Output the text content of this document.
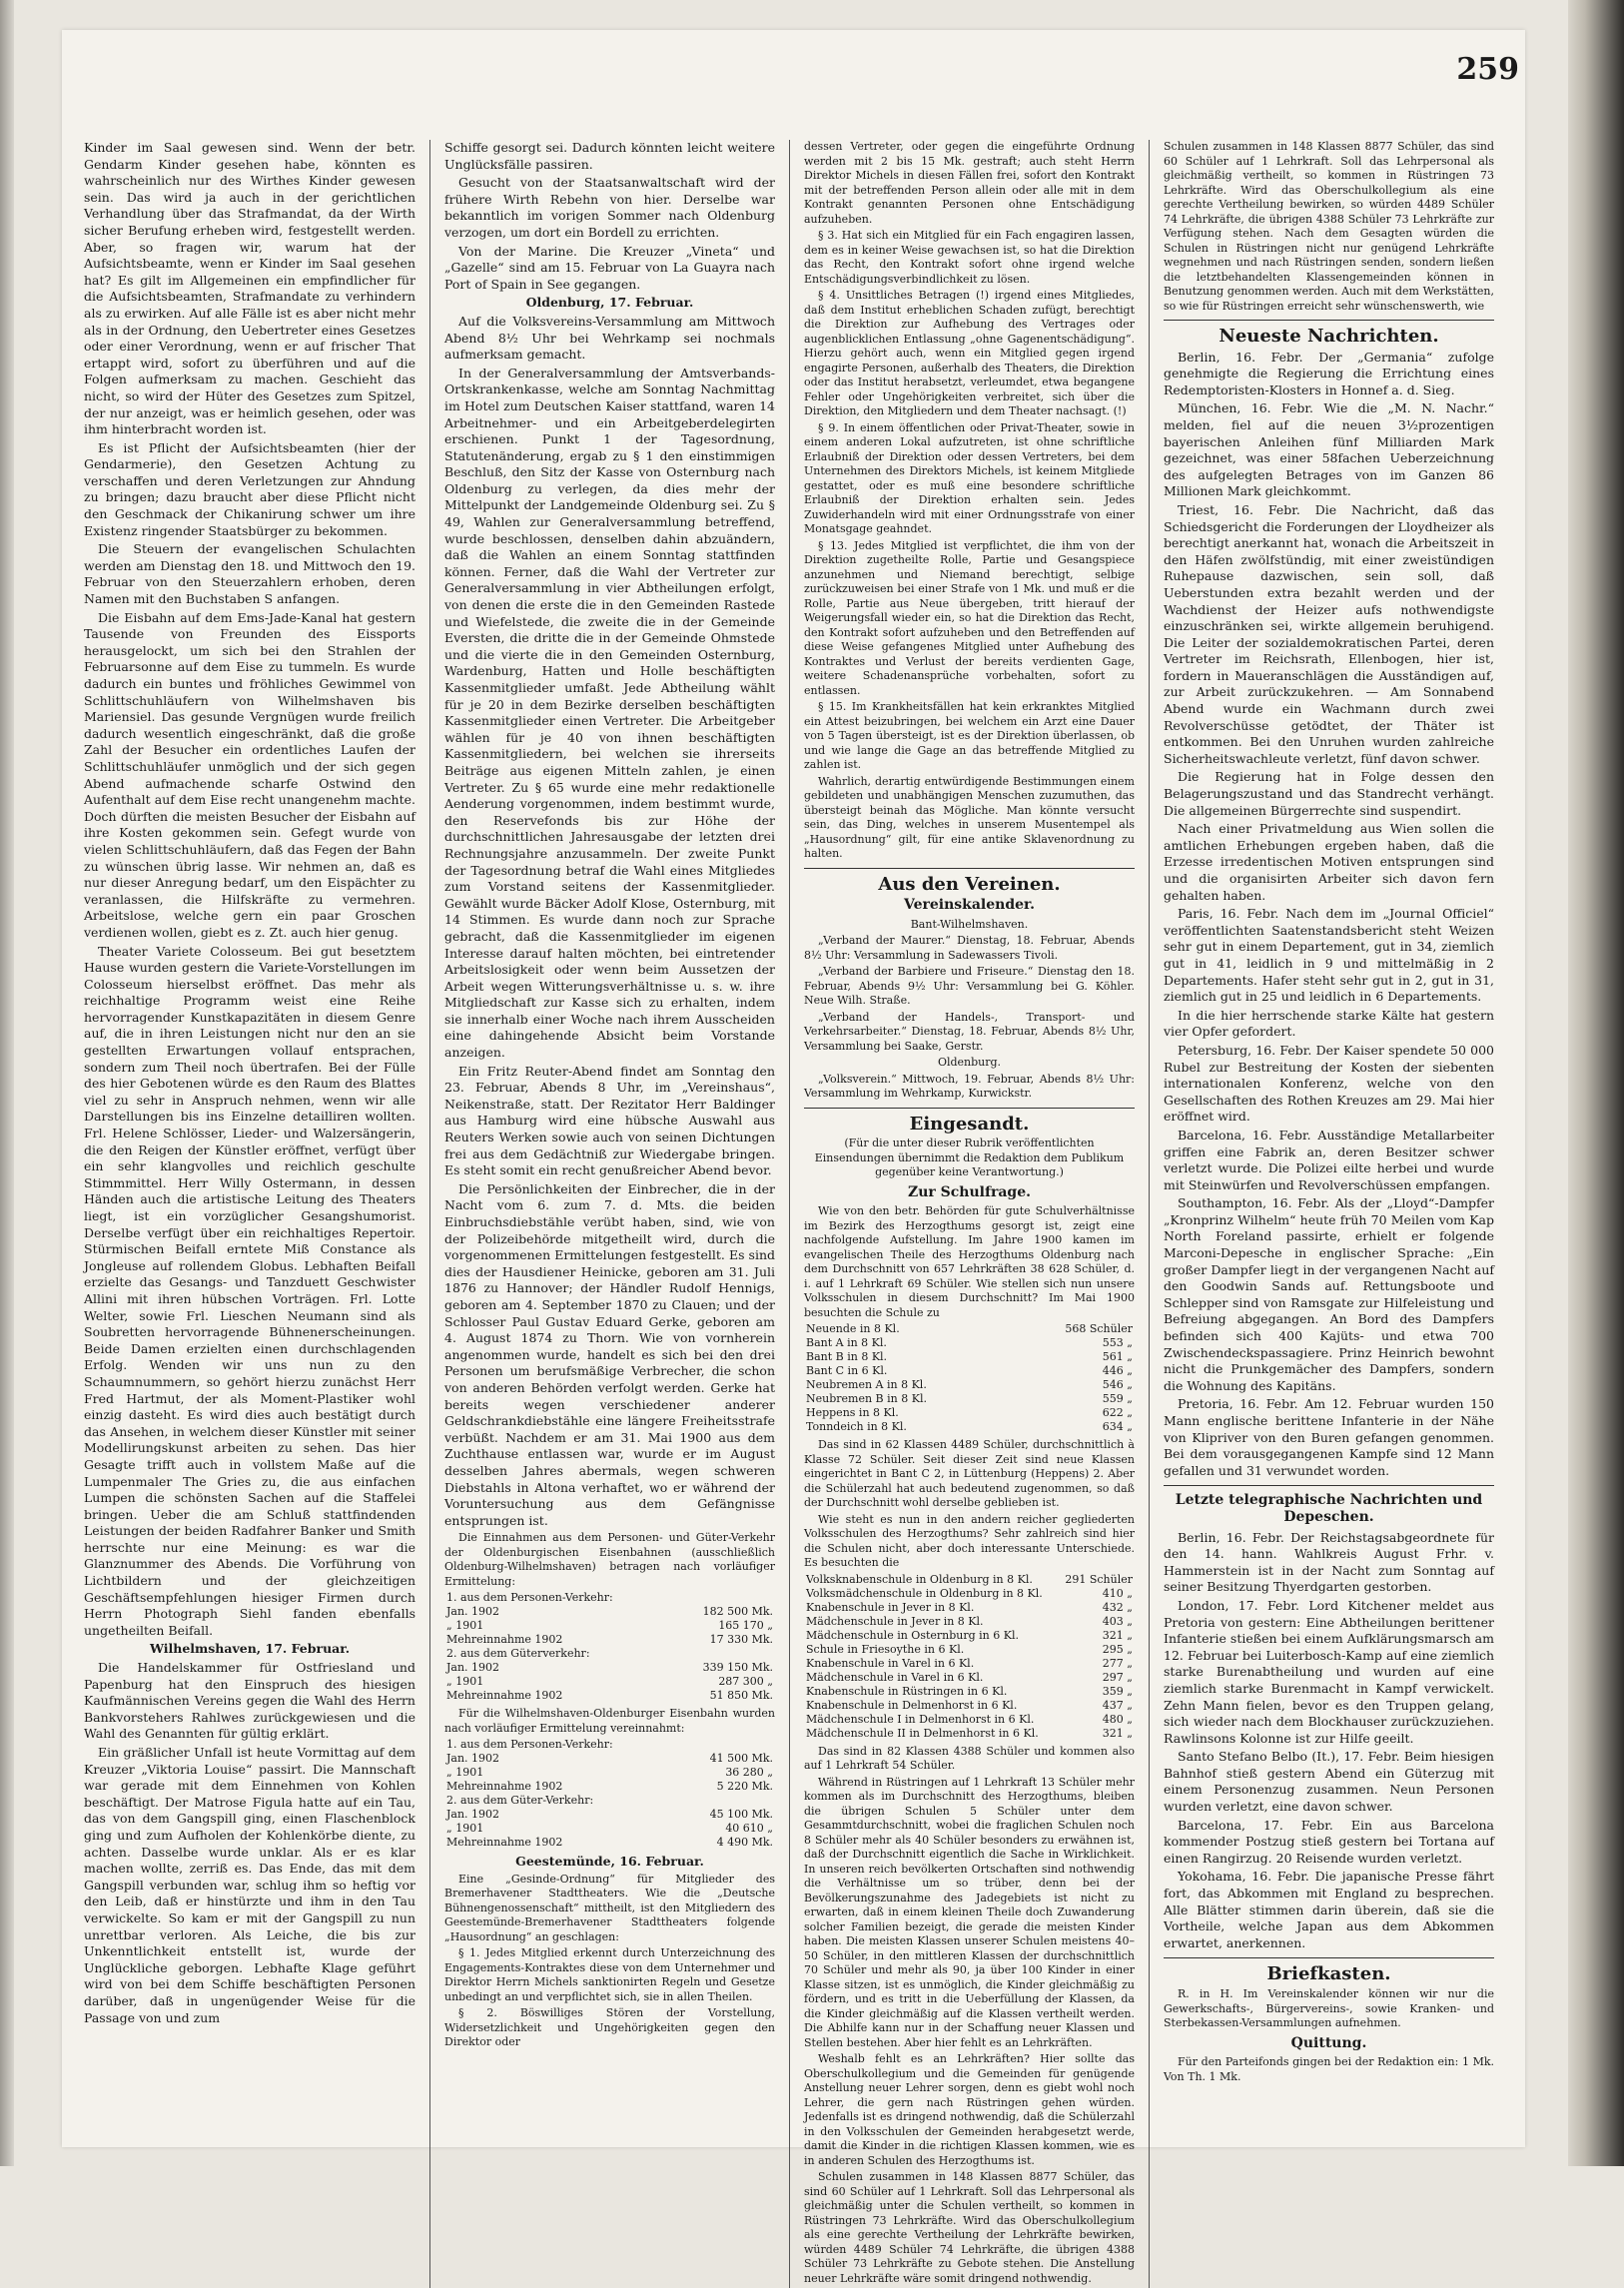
259

Kinder im Saal gewesen sind. Wenn der betr. Gendarm Kinder gesehen habe, könnten es wahrscheinlich nur des Wirthes Kinder gewesen sein. Das wird ja auch in der gerichtlichen Verhandlung über das Strafmandat, da der Wirth sicher Berufung erheben wird, festgestellt werden. Aber, so fragen wir, warum hat der Aufsichtsbeamte, wenn er Kinder im Saal gesehen hat? Es gilt im Allgemeinen ein empfindlicher für die Aufsichtsbeamten, Strafmandate zu verhindern als zu erwirken. Auf alle Fälle ist es aber nicht mehr als in der Ordnung, den Uebertreter eines Gesetzes oder einer Verordnung, wenn er auf frischer That ertappt wird, sofort zu überführen und auf die Folgen aufmerksam zu machen. Geschieht das nicht, so wird der Hüter des Gesetzes zum Spitzel, der nur anzeigt, was er heimlich gesehen, oder was ihm hinterbracht worden ist.

Es ist Pflicht der Aufsichtsbeamten (hier der Gendarmerie), den Gesetzen Achtung zu verschaffen und deren Verletzungen zur Ahndung zu bringen; dazu braucht aber diese Pflicht nicht den Geschmack der Chikanirung schwer um ihre Existenz ringender Staatsbürger zu bekommen.

Die Steuern der evangelischen Schulachten werden am Dienstag den 18. und Mittwoch den 19. Februar von den Steuerzahlern erhoben, deren Namen mit den Buchstaben S anfangen.

Die Eisbahn auf dem Ems-Jade-Kanal hat gestern Tausende von Freunden des Eissports herausgelockt, um sich bei den Strahlen der Februarsonne auf dem Eise zu tummeln. Es wurde dadurch ein buntes und fröhliches Gewimmel von Schlittschuhläufern von Wilhelmshaven bis Mariensiel. Das gesunde Vergnügen wurde freilich dadurch wesentlich eingeschränkt, daß die große Zahl der Besucher ein ordentliches Laufen der Schlittschuhläufer unmöglich und der sich gegen Abend aufmachende scharfe Ostwind den Aufenthalt auf dem Eise recht unangenehm machte. Doch dürften die meisten Besucher der Eisbahn auf ihre Kosten gekommen sein. Gefegt wurde von vielen Schlittschuhläufern, daß das Fegen der Bahn zu wünschen übrig lasse. Wir nehmen an, daß es nur dieser Anregung bedarf, um den Eispächter zu veranlassen, die Hilfskräfte zu vermehren. Arbeitslose, welche gern ein paar Groschen verdienen wollen, giebt es z. Zt. auch hier genug.

Theater Variete Colosseum. Bei gut besetztem Hause wurden gestern die Variete-Vorstellungen im Colosseum hierselbst eröffnet. Das mehr als reichhaltige Programm weist eine Reihe hervorragender Kunstkapazitäten in diesem Genre auf, die in ihren Leistungen nicht nur den an sie gestellten Erwartungen vollauf entsprachen, sondern zum Theil noch übertrafen. Bei der Fülle des hier Gebotenen würde es den Raum des Blattes viel zu sehr in Anspruch nehmen, wenn wir alle Darstellungen bis ins Einzelne detailliren wollten. Frl. Helene Schlösser, Lieder- und Walzersängerin, die den Reigen der Künstler eröffnet, verfügt über ein sehr klangvolles und reichlich geschulte Stimmmittel. Herr Willy Ostermann, in dessen Händen auch die artistische Leitung des Theaters liegt, ist ein vorzüglicher Gesangshumorist. Derselbe verfügt über ein reichhaltiges Repertoir. Stürmischen Beifall erntete Miß Constance als Jongleuse auf rollendem Globus. Lebhaften Beifall erzielte das Gesangs- und Tanzduett Geschwister Allini mit ihren hübschen Vorträgen. Frl. Lotte Welter, sowie Frl. Lieschen Neumann sind als Soubretten hervorragende Bühnenerscheinungen. Beide Damen erzielten einen durchschlagenden Erfolg. Wenden wir uns nun zu den Schaumnummern, so gehört hierzu zunächst Herr Fred Hartmut, der als Moment-Plastiker wohl einzig dasteht. Es wird dies auch bestätigt durch das Ansehen, in welchem dieser Künstler mit seiner Modellirungskunst arbeiten zu sehen. Das hier Gesagte trifft auch in vollstem Maße auf die Lumpenmaler The Gries zu, die aus einfachen Lumpen die schönsten Sachen auf die Staffelei bringen. Ueber die am Schluß stattfindenden Leistungen der beiden Radfahrer Banker und Smith herrschte nur eine Meinung: es war die Glanznummer des Abends. Die Vorführung von Lichtbildern und der gleichzeitigen Geschäftsempfehlungen hiesiger Firmen durch Herrn Photograph Siehl fanden ebenfalls ungetheilten Beifall.

Wilhelmshaven, 17. Februar.

Die Handelskammer für Ostfriesland und Papenburg hat den Einspruch des hiesigen Kaufmännischen Vereins gegen die Wahl des Herrn Bankvorstehers Rahlwes zurückgewiesen und die Wahl des Genannten für gültig erklärt.

Ein gräßlicher Unfall ist heute Vormittag auf dem Kreuzer „Viktoria Louise“ passirt. Die Mannschaft war gerade mit dem Einnehmen von Kohlen beschäftigt. Der Matrose Figula hatte auf ein Tau, das von dem Gangspill ging, einen Flaschenblock ging und zum Aufholen der Kohlenkörbe diente, zu achten. Dasselbe wurde unklar. Als er es klar machen wollte, zerriß es. Das Ende, das mit dem Gangspill verbunden war, schlug ihm so heftig vor den Leib, daß er hinstürzte und ihm in den Tau verwickelte. So kam er mit der Gangspill zu nun unrettbar verloren. Als Leiche, die bis zur Unkenntlichkeit entstellt ist, wurde der Unglückliche geborgen. Lebhafte Klage geführt wird von bei dem Schiffe beschäftigten Personen darüber, daß in ungenügender Weise für die Passage von und zum

Schiffe gesorgt sei. Dadurch könnten leicht weitere Unglücksfälle passiren.

Gesucht von der Staatsanwaltschaft wird der frühere Wirth Rebehn von hier. Derselbe war bekanntlich im vorigen Sommer nach Oldenburg verzogen, um dort ein Bordell zu errichten.

Von der Marine. Die Kreuzer „Vineta“ und „Gazelle“ sind am 15. Februar von La Guayra nach Port of Spain in See gegangen.

Oldenburg, 17. Februar.

Auf die Volksvereins-Versammlung am Mittwoch Abend 8½ Uhr bei Wehrkamp sei nochmals aufmerksam gemacht.

In der Generalversammlung der Amtsverbands-Ortskrankenkasse, welche am Sonntag Nachmittag im Hotel zum Deutschen Kaiser stattfand, waren 14 Arbeitnehmer- und ein Arbeitgeberdelegirten erschienen. Punkt 1 der Tagesordnung, Statutenänderung, ergab zu § 1 den einstimmigen Beschluß, den Sitz der Kasse von Osternburg nach Oldenburg zu verlegen, da dies mehr der Mittelpunkt der Landgemeinde Oldenburg sei. Zu § 49, Wahlen zur Generalversammlung betreffend, wurde beschlossen, denselben dahin abzuändern, daß die Wahlen an einem Sonntag stattfinden können. Ferner, daß die Wahl der Vertreter zur Generalversammlung in vier Abtheilungen erfolgt, von denen die erste die in den Gemeinden Rastede und Wiefelstede, die zweite die in der Gemeinde Eversten, die dritte die in der Gemeinde Ohmstede und die vierte die in den Gemeinden Osternburg, Wardenburg, Hatten und Holle beschäftigten Kassenmitglieder umfaßt. Jede Abtheilung wählt für je 20 in dem Bezirke derselben beschäftigten Kassenmitglieder einen Vertreter. Die Arbeitgeber wählen für je 40 von ihnen beschäftigten Kassenmitgliedern, bei welchen sie ihrerseits Beiträge aus eigenen Mitteln zahlen, je einen Vertreter. Zu § 65 wurde eine mehr redaktionelle Aenderung vorgenommen, indem bestimmt wurde, den Reservefonds bis zur Höhe der durchschnittlichen Jahresausgabe der letzten drei Rechnungsjahre anzusammeln. Der zweite Punkt der Tagesordnung betraf die Wahl eines Mitgliedes zum Vorstand seitens der Kassenmitglieder. Gewählt wurde Bäcker Adolf Klose, Osternburg, mit 14 Stimmen. Es wurde dann noch zur Sprache gebracht, daß die Kassenmitglieder im eigenen Interesse darauf halten möchten, bei eintretender Arbeitslosigkeit oder wenn beim Aussetzen der Arbeit wegen Witterungsverhältnisse u. s. w. ihre Mitgliedschaft zur Kasse sich zu erhalten, indem sie innerhalb einer Woche nach ihrem Ausscheiden eine dahingehende Absicht beim Vorstande anzeigen.

Ein Fritz Reuter-Abend findet am Sonntag den 23. Februar, Abends 8 Uhr, im „Vereinshaus“, Neikenstraße, statt. Der Rezitator Herr Baldinger aus Hamburg wird eine hübsche Auswahl aus Reuters Werken sowie auch von seinen Dichtungen frei aus dem Gedächtniß zur Wiedergabe bringen. Es steht somit ein recht genußreicher Abend bevor.

Die Persönlichkeiten der Einbrecher, die in der Nacht vom 6. zum 7. d. Mts. die beiden Einbruchsdiebstähle verübt haben, sind, wie von der Polizeibehörde mitgetheilt wird, durch die vorgenommenen Ermittelungen festgestellt. Es sind dies der Hausdiener Heinicke, geboren am 31. Juli 1876 zu Hannover; der Händler Rudolf Hennigs, geboren am 4. September 1870 zu Clauen; und der Schlosser Paul Gustav Eduard Gerke, geboren am 4. August 1874 zu Thorn. Wie von vornherein angenommen wurde, handelt es sich bei den drei Personen um berufsmäßige Verbrecher, die schon von anderen Behörden verfolgt werden. Gerke hat bereits wegen verschiedener anderer Geldschrankdiebstähle eine längere Freiheitsstrafe verbüßt. Nachdem er am 31. Mai 1900 aus dem Zuchthause entlassen war, wurde er im August desselben Jahres abermals, wegen schweren Diebstahls in Altona verhaftet, wo er während der Voruntersuchung aus dem Gefängnisse entsprungen ist.

Die Einnahmen aus dem Personen- und Güter-Verkehr der Oldenburgischen Eisenbahnen (ausschließlich Oldenburg-Wilhelmshaven) betragen nach vorläufiger Ermittelung:

1. aus dem Personen-Verkehr:	
Jan. 1902	182 500 Mk.
„ 1901	165 170 „
Mehreinnahme 1902	17 330 Mk.
2. aus dem Güterverkehr:	
Jan. 1902	339 150 Mk.
„ 1901	287 300 „
Mehreinnahme 1902	51 850 Mk.

Für die Wilhelmshaven-Oldenburger Eisenbahn wurden nach vorläufiger Ermittelung vereinnahmt:

1. aus dem Personen-Verkehr:	
Jan. 1902	41 500 Mk.
„ 1901	36 280 „
Mehreinnahme 1902	5 220 Mk.
2. aus dem Güter-Verkehr:	
Jan. 1902	45 100 Mk.
„ 1901	40 610 „
Mehreinnahme 1902	4 490 Mk.

Geestemünde, 16. Februar.

Eine „Gesinde-Ordnung“ für Mitglieder des Bremerhavener Stadttheaters. Wie die „Deutsche Bühnengenossenschaft“ mittheilt, ist den Mitgliedern des Geestemünde-Bremerhavener Stadttheaters folgende „Hausordnung“ an geschlagen:

§ 1. Jedes Mitglied erkennt durch Unterzeichnung des Engagements-Kontraktes diese von dem Unternehmer und Direktor Herrn Michels sanktionirten Regeln und Gesetze unbedingt an und verpflichtet sich, sie in allen Theilen.

§ 2. Böswilliges Stören der Vorstellung, Widersetzlichkeit und Ungehörigkeiten gegen den Direktor oder

dessen Vertreter, oder gegen die eingeführte Ordnung werden mit 2 bis 15 Mk. gestraft; auch steht Herrn Direktor Michels in diesen Fällen frei, sofort den Kontrakt mit der betreffenden Person allein oder alle mit in dem Kontrakt genannten Personen ohne Entschädigung aufzuheben.

§ 3. Hat sich ein Mitglied für ein Fach engagiren lassen, dem es in keiner Weise gewachsen ist, so hat die Direktion das Recht, den Kontrakt sofort ohne irgend welche Entschädigungsverbindlichkeit zu lösen.

§ 4. Unsittliches Betragen (!) irgend eines Mitgliedes, daß dem Institut erheblichen Schaden zufügt, berechtigt die Direktion zur Aufhebung des Vertrages oder augenblicklichen Entlassung „ohne Gagenentschädigung“. Hierzu gehört auch, wenn ein Mitglied gegen irgend engagirte Personen, außerhalb des Theaters, die Direktion oder das Institut herabsetzt, verleumdet, etwa begangene Fehler oder Ungehörigkeiten verbreitet, sich über die Direktion, den Mitgliedern und dem Theater nachsagt. (!)

§ 9. In einem öffentlichen oder Privat-Theater, sowie in einem anderen Lokal aufzutreten, ist ohne schriftliche Erlaubniß der Direktion oder dessen Vertreters, bei dem Unternehmen des Direktors Michels, ist keinem Mitgliede gestattet, oder es muß eine besondere schriftliche Erlaubniß der Direktion erhalten sein. Jedes Zuwiderhandeln wird mit einer Ordnungsstrafe von einer Monatsgage geahndet.

§ 13. Jedes Mitglied ist verpflichtet, die ihm von der Direktion zugetheilte Rolle, Partie und Gesangspiece anzunehmen und Niemand berechtigt, selbige zurückzuweisen bei einer Strafe von 1 Mk. und muß er die Rolle, Partie aus Neue übergeben, tritt hierauf der Weigerungsfall wieder ein, so hat die Direktion das Recht, den Kontrakt sofort aufzuheben und den Betreffenden auf diese Weise gefangenes Mitglied unter Aufhebung des Kontraktes und Verlust der bereits verdienten Gage, weitere Schadenansprüche vorbehalten, sofort zu entlassen.

§ 15. Im Krankheitsfällen hat kein erkranktes Mitglied ein Attest beizubringen, bei welchem ein Arzt eine Dauer von 5 Tagen übersteigt, ist es der Direktion überlassen, ob und wie lange die Gage an das betreffende Mitglied zu zahlen ist.

Wahrlich, derartig entwürdigende Bestimmungen einem gebildeten und unabhängigen Menschen zuzumuthen, das übersteigt beinah das Mögliche. Man könnte versucht sein, das Ding, welches in unserem Musentempel als „Hausordnung“ gilt, für eine antike Sklavenordnung zu halten.

Aus den Vereinen.
Vereinskalender.

Bant-Wilhelmshaven.

„Verband der Maurer.“ Dienstag, 18. Februar, Abends 8½ Uhr: Versammlung in Sadewassers Tivoli.

„Verband der Barbiere und Friseure.“ Dienstag den 18. Februar, Abends 9½ Uhr: Versammlung bei G. Köhler. Neue Wilh. Straße.

„Verband der Handels-, Transport- und Verkehrsarbeiter.“ Dienstag, 18. Februar, Abends 8½ Uhr, Versammlung bei Saake, Gerstr.

Oldenburg.

„Volksverein.“ Mittwoch, 19. Februar, Abends 8½ Uhr: Versammlung im Wehrkamp, Kurwickstr.

Eingesandt.

(Für die unter dieser Rubrik veröffentlichten Einsendungen übernimmt die Redaktion dem Publikum gegenüber keine Verantwortung.)

Zur Schulfrage.

Wie von den betr. Behörden für gute Schulverhältnisse im Bezirk des Herzogthums gesorgt ist, zeigt eine nachfolgende Aufstellung. Im Jahre 1900 kamen im evangelischen Theile des Herzogthums Oldenburg nach dem Durchschnitt von 657 Lehrkräften 38 628 Schüler, d. i. auf 1 Lehrkraft 69 Schüler. Wie stellen sich nun unsere Volksschulen in diesem Durchschnitt? Im Mai 1900 besuchten die Schule zu

Neuende in 8 Kl.	568 Schüler
Bant A in 8 Kl.	553 „
Bant B in 8 Kl.	561 „
Bant C in 6 Kl.	446 „
Neubremen A in 8 Kl.	546 „
Neubremen B in 8 Kl.	559 „
Heppens in 8 Kl.	622 „
Tonndeich in 8 Kl.	634 „

Das sind in 62 Klassen 4489 Schüler, durchschnittlich à Klasse 72 Schüler. Seit dieser Zeit sind neue Klassen eingerichtet in Bant C 2, in Lüttenburg (Heppens) 2. Aber die Schülerzahl hat auch bedeutend zugenommen, so daß der Durchschnitt wohl derselbe geblieben ist.

Wie steht es nun in den andern reicher gegliederten Volksschulen des Herzogthums? Sehr zahlreich sind hier die Schulen nicht, aber doch interessante Unterschiede. Es besuchten die

Volksknabenschule in Oldenburg in 8 Kl.	291 Schüler
Volksmädchenschule in Oldenburg in 8 Kl.	410 „
Knabenschule in Jever in 8 Kl.	432 „
Mädchenschule in Jever in 8 Kl.	403 „
Mädchenschule in Osternburg in 6 Kl.	321 „
Schule in Friesoythe in 6 Kl.	295 „
Knabenschule in Varel in 6 Kl.	277 „
Mädchenschule in Varel in 6 Kl.	297 „
Knabenschule in Rüstringen in 6 Kl.	359 „
Knabenschule in Delmenhorst in 6 Kl.	437 „
Mädchenschule I in Delmenhorst in 6 Kl.	480 „
Mädchenschule II in Delmenhorst in 6 Kl.	321 „

Das sind in 82 Klassen 4388 Schüler und kommen also auf 1 Lehrkraft 54 Schüler.

Während in Rüstringen auf 1 Lehrkraft 13 Schüler mehr kommen als im Durchschnitt des Herzogthums, bleiben die übrigen Schulen 5 Schüler unter dem Gesammtdurchschnitt, wobei die fraglichen Schulen noch 8 Schüler mehr als 40 Schüler besonders zu erwähnen ist, daß der Durchschnitt eigentlich die Sache in Wirklichkeit. In unseren reich bevölkerten Ortschaften sind nothwendig die Verhältnisse um so trüber, denn bei der Bevölkerungszunahme des Jadegebiets ist nicht zu erwarten, daß in einem kleinen Theile doch Zuwanderung solcher Familien bezeigt, die gerade die meisten Kinder haben. Die meisten Klassen unserer Schulen meistens 40–50 Schüler, in den mittleren Klassen der durchschnittlich 70 Schüler und mehr als 90, ja über 100 Kinder in einer Klasse sitzen, ist es unmöglich, die Kinder gleichmäßig zu fördern, und es tritt in die Ueberfüllung der Klassen, da die Kinder gleichmäßig auf die Klassen vertheilt werden. Die Abhilfe kann nur in der Schaffung neuer Klassen und Stellen bestehen. Aber hier fehlt es an Lehrkräften.

Weshalb fehlt es an Lehrkräften? Hier sollte das Oberschulkollegium und die Gemeinden für genügende Anstellung neuer Lehrer sorgen, denn es giebt wohl noch Lehrer, die gern nach Rüstringen gehen würden. Jedenfalls ist es dringend nothwendig, daß die Schülerzahl in den Volksschulen der Gemeinden herabgesetzt werde, damit die Kinder in die richtigen Klassen kommen, wie es in anderen Schulen des Herzogthums ist.

Schulen zusammen in 148 Klassen 8877 Schüler, das sind 60 Schüler auf 1 Lehrkraft. Soll das Lehrpersonal als gleichmäßig unter die Schulen vertheilt, so kommen in Rüstringen 73 Lehrkräfte. Wird das Oberschulkollegium als eine gerechte Vertheilung der Lehrkräfte bewirken, würden 4489 Schüler 74 Lehrkräfte, die übrigen 4388 Schüler 73 Lehrkräfte zu Gebote stehen. Die Anstellung neuer Lehrkräfte wäre somit dringend nothwendig.

Schulen zusammen in 148 Klassen 8877 Schüler, das sind 60 Schüler auf 1 Lehrkraft. Soll das Lehrpersonal als gleichmäßig vertheilt, so kommen in Rüstringen 73 Lehrkräfte. Wird das Oberschulkollegium als eine gerechte Vertheilung bewirken, so würden 4489 Schüler 74 Lehrkräfte, die übrigen 4388 Schüler 73 Lehrkräfte zur Verfügung stehen. Nach dem Gesagten würden die Schulen in Rüstringen nicht nur genügend Lehrkräfte wegnehmen und nach Rüstringen senden, sondern ließen die letztbehandelten Klassengemeinden können in Benutzung genommen werden. Auch mit dem Werkstätten, so wie für Rüstringen erreicht sehr wünschenswerth, wie

Neueste Nachrichten.

Berlin, 16. Febr. Der „Germania“ zufolge genehmigte die Regierung die Errichtung eines Redemptoristen-Klosters in Honnef a. d. Sieg.

München, 16. Febr. Wie die „M. N. Nachr.“ melden, fiel auf die neuen 3½prozentigen bayerischen Anleihen fünf Milliarden Mark gezeichnet, was einer 58fachen Ueberzeichnung des aufgelegten Betrages von im Ganzen 86 Millionen Mark gleichkommt.

Triest, 16. Febr. Die Nachricht, daß das Schiedsgericht die Forderungen der Lloydheizer als berechtigt anerkannt hat, wonach die Arbeitszeit in den Häfen zwölfstündig, mit einer zweistündigen Ruhepause dazwischen, sein soll, daß Ueberstunden extra bezahlt werden und der Wachdienst der Heizer aufs nothwendigste einzuschränken sei, wirkte allgemein beruhigend. Die Leiter der sozialdemokratischen Partei, deren Vertreter im Reichsrath, Ellenbogen, hier ist, fordern in Maueranschlägen die Ausständigen auf, zur Arbeit zurückzukehren. — Am Sonnabend Abend wurde ein Wachmann durch zwei Revolverschüsse getödtet, der Thäter ist entkommen. Bei den Unruhen wurden zahlreiche Sicherheitswachleute verletzt, fünf davon schwer.

Die Regierung hat in Folge dessen den Belagerungszustand und das Standrecht verhängt. Die allgemeinen Bürgerrechte sind suspendirt.

Nach einer Privatmeldung aus Wien sollen die amtlichen Erhebungen ergeben haben, daß die Erzesse irredentischen Motiven entsprungen sind und die organisirten Arbeiter sich davon fern gehalten haben.

Paris, 16. Febr. Nach dem im „Journal Officiel“ veröffentlichten Saatenstandsbericht steht Weizen sehr gut in einem Departement, gut in 34, ziemlich gut in 41, leidlich in 9 und mittelmäßig in 2 Departements. Hafer steht sehr gut in 2, gut in 31, ziemlich gut in 25 und leidlich in 6 Departements.

In die hier herrschende starke Kälte hat gestern vier Opfer gefordert.

Petersburg, 16. Febr. Der Kaiser spendete 50 000 Rubel zur Bestreitung der Kosten der siebenten internationalen Konferenz, welche von den Gesellschaften des Rothen Kreuzes am 29. Mai hier eröffnet wird.

Barcelona, 16. Febr. Ausständige Metallarbeiter griffen eine Fabrik an, deren Besitzer schwer verletzt wurde. Die Polizei eilte herbei und wurde mit Steinwürfen und Revolverschüssen empfangen.

Southampton, 16. Febr. Als der „Lloyd“-Dampfer „Kronprinz Wilhelm“ heute früh 70 Meilen vom Kap North Foreland passirte, erhielt er folgende Marconi-Depesche in englischer Sprache: „Ein großer Dampfer liegt in der vergangenen Nacht auf den Goodwin Sands auf. Rettungsboote und Schlepper sind von Ramsgate zur Hilfeleistung und Befreiung abgegangen. An Bord des Dampfers befinden sich 400 Kajüts- und etwa 700 Zwischendeckspassagiere. Prinz Heinrich bewohnt nicht die Prunkgemächer des Dampfers, sondern die Wohnung des Kapitäns.

Pretoria, 16. Febr. Am 12. Februar wurden 150 Mann englische berittene Infanterie in der Nähe von Klipriver von den Buren gefangen genommen. Bei dem vorausgegangenen Kampfe sind 12 Mann gefallen und 31 verwundet worden.

Letzte telegraphische Nachrichten und Depeschen.

Berlin, 16. Febr. Der Reichstagsabgeordnete für den 14. hann. Wahlkreis August Frhr. v. Hammerstein ist in der Nacht zum Sonntag auf seiner Besitzung Thyerdgarten gestorben.

London, 17. Febr. Lord Kitchener meldet aus Pretoria von gestern: Eine Abtheilungen berittener Infanterie stießen bei einem Aufklärungsmarsch am 12. Februar bei Luiterbosch-Kamp auf eine ziemlich starke Burenabtheilung und wurden auf eine ziemlich starke Burenmacht in Kampf verwickelt. Zehn Mann fielen, bevor es den Truppen gelang, sich wieder nach dem Blockhauser zurückzuziehen. Rawlinsons Kolonne ist zur Hilfe geeilt.

Santo Stefano Belbo (It.), 17. Febr. Beim hiesigen Bahnhof stieß gestern Abend ein Güterzug mit einem Personenzug zusammen. Neun Personen wurden verletzt, eine davon schwer.

Barcelona, 17. Febr. Ein aus Barcelona kommender Postzug stieß gestern bei Tortana auf einen Rangirzug. 20 Reisende wurden verletzt.

Yokohama, 16. Febr. Die japanische Presse fährt fort, das Abkommen mit England zu besprechen. Alle Blätter stimmen darin überein, daß sie die Vortheile, welche Japan aus dem Abkommen erwartet, anerkennen.

Briefkasten.

R. in H. Im Vereinskalender können wir nur die Gewerkschafts-, Bürgervereins-, sowie Kranken- und Sterbekassen-Versammlungen aufnehmen.

Quittung.

Für den Parteifonds gingen bei der Redaktion ein: 1 Mk. Von Th. 1 Mk.
